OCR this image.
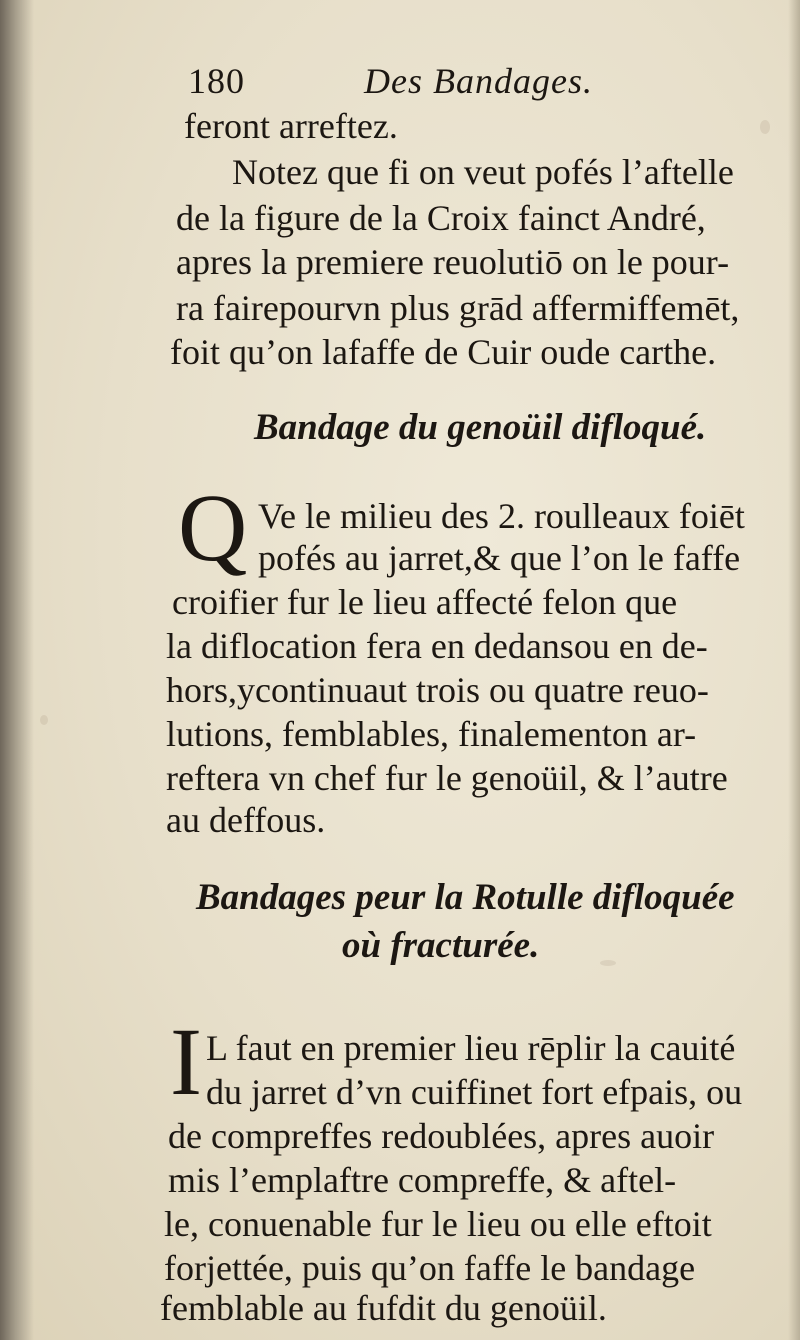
180	Des Bandages.
feront arreftez.
Notez que fi on veut pofés l’aftelle
de la figure de la Croix fainct André,
apres la premiere reuolutiō on le pour-
ra fairepourvn plus grād affermiffemēt,
foit qu’on lafaffe de Cuir oude carthe.
Bandage du genoüil difloqué.
Q Ve le milieu des 2. roulleaux foiēt
pofés au jarret,& que l’on le faffe
croifier fur le lieu affecté felon que
la diflocation fera en dedansou en de-
hors,ycontinuaut trois ou quatre reuo-
lutions, femblables, finalementon ar-
reftera vn chef fur le genoüil, & l’autre
au deffous.
Bandages peur la Rotulle difloquée
où fracturée.
I L faut en premier lieu rēplir la cauité
du jarret d’vn cuiffinet fort efpais, ou
de compreffes redoublées, apres auoir
mis l’emplaftre compreffe, & aftel-
le, conuenable fur le lieu ou elle eftoit
forjettée, puis qu’on faffe le bandage
femblable au fufdit du genoüil.
